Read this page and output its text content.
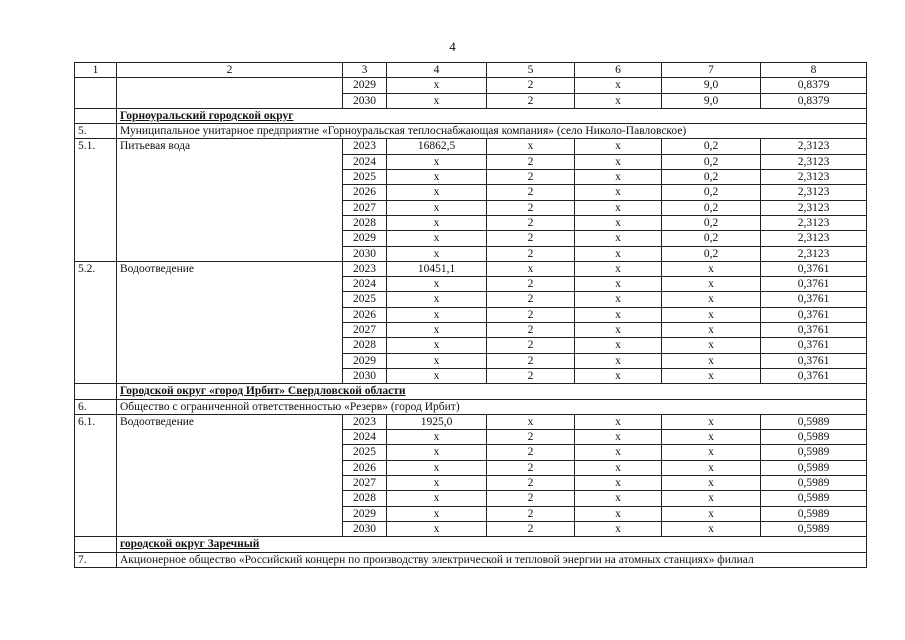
4
1	2	3	4	5	6	7	8
		2029	x	2	x	9,0	0,8379
		2030	x	2	x	9,0	0,8379
	Горноуральский городской округ						
5.	Муниципальное унитарное предприятие «Горноуральская теплоснабжающая компания» (село Николо-Павловское)						
5.1.	Питьевая вода	2023	16862,5	x	x	0,2	2,3123
		2024	x	2	x	0,2	2,3123
		2025	x	2	x	0,2	2,3123
		2026	x	2	x	0,2	2,3123
		2027	x	2	x	0,2	2,3123
		2028	x	2	x	0,2	2,3123
		2029	x	2	x	0,2	2,3123
		2030	x	2	x	0,2	2,3123
5.2.	Водоотведение	2023	10451,1	x	x	x	0,3761
		2024	x	2	x	x	0,3761
		2025	x	2	x	x	0,3761
		2026	x	2	x	x	0,3761
		2027	x	2	x	x	0,3761
		2028	x	2	x	x	0,3761
		2029	x	2	x	x	0,3761
		2030	x	2	x	x	0,3761
	Городской округ «город Ирбит» Свердловской области						
6.	Общество с ограниченной ответственностью «Резерв» (город Ирбит)						
6.1.	Водоотведение	2023	1925,0	x	x	x	0,5989
		2024	x	2	x	x	0,5989
		2025	x	2	x	x	0,5989
		2026	x	2	x	x	0,5989
		2027	x	2	x	x	0,5989
		2028	x	2	x	x	0,5989
		2029	x	2	x	x	0,5989
		2030	x	2	x	x	0,5989
	городской округ Заречный						
7.	Акционерное общество «Российский концерн по производству электрической и тепловой энергии на атомных станциях» филиал						
